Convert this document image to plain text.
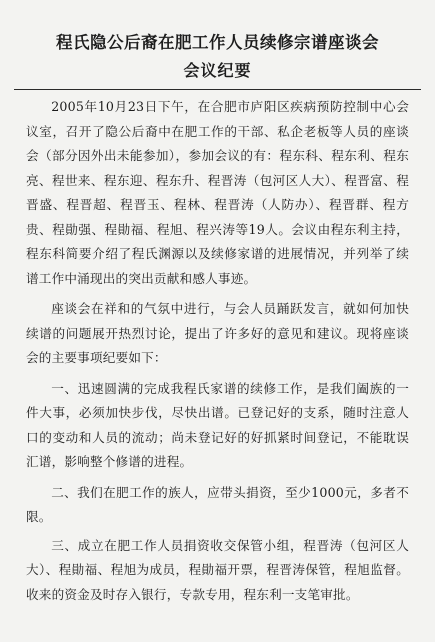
程氏隐公后裔在肥工作人员续修宗谱座谈会
会议纪要

2005年10月23日下午，在合肥市庐阳区疾病预防控制中心会议室，召开了隐公后裔中在肥工作的干部、私企老板等人员的座谈会（部分因外出未能参加），参加会议的有：程东科、程东利、程东亮、程世来、程东迎、程东升、程晋涛（包河区人大）、程晋富、程晋盛、程晋超、程晋玉、程林、程晋涛（人防办）、程晋群、程方贵、程勛强、程勛福、程旭、程兴涛等19人。会议由程东利主持，程东科简要介绍了程氏渊源以及续修家谱的进展情况，并列举了续谱工作中涌现出的突出贡献和感人事迹。

座谈会在祥和的气氛中进行，与会人员踊跃发言，就如何加快续谱的问题展开热烈讨论，提出了许多好的意见和建议。现将座谈会的主要事项纪要如下：

一、迅速圆满的完成我程氏家谱的续修工作，是我们阖族的一件大事，必须加快步伐，尽快出谱。已登记好的支系，随时注意人口的变动和人员的流动；尚未登记好的好抓紧时间登记，不能耽误汇谱，影响整个修谱的进程。

二、我们在肥工作的族人，应带头捐资，至少1000元，多者不限。

三、成立在肥工作人员捐资收交保管小组，程晋涛（包河区人大）、程勛福、程旭为成员，程勛福开票，程晋涛保管，程旭监督。收来的资金及时存入银行，专款专用，程东利一支笔审批。
